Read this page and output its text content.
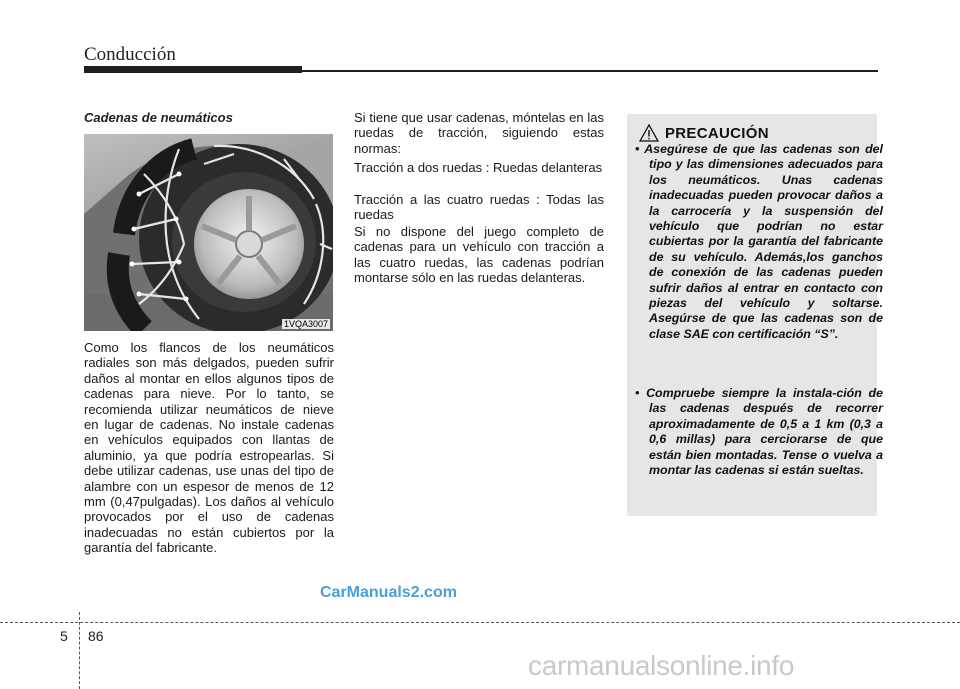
Conducción
Cadenas de neumáticos
1VQA3007

Como los flancos de los neumáticos radiales son más delgados, pueden sufrir daños al montar en ellos algunos tipos de cadenas para nieve. Por lo tanto, se recomienda utilizar neumáticos de nieve en lugar de cadenas. No instale cadenas en vehículos equipados con llantas de aluminio, ya que podría estropearlas. Si debe utilizar cadenas, use unas del tipo de alambre con un espesor de menos de 12 mm (0,47pulgadas). Los daños al vehículo provocados por el uso de cadenas inadecuadas no están cubiertos por la garantía del fabricante.

Si tiene que usar cadenas, móntelas en las ruedas de tracción, siguiendo estas normas:

Tracción a dos ruedas : Ruedas delanteras

Tracción a las cuatro ruedas : Todas las ruedas

Si no dispone del juego completo de cadenas para un vehículo con tracción a las cuatro ruedas, las cadenas podrían montarse sólo en las ruedas delanteras.

PRECAUCIÓN
• Asegúrese de que las cadenas son del tipo y las dimensiones adecuados para los neumáticos. Unas cadenas inadecuadas pueden provocar daños a la carrocería y la suspensión del vehículo que podrían no estar cubiertas por la garantía del fabricante de su vehículo. Además,los ganchos de conexión de las cadenas pueden sufrir daños al entrar en contacto con piezas del vehículo y soltarse. Asegúrse de que las cadenas son de clase SAE con certificación “S”.
• Compruebe siempre la instala-ción de las cadenas después de recorrer aproximadamente de 0,5 a 1 km (0,3 a 0,6 millas) para cerciorarse de que están bien montadas. Tense o vuelva a montar las cadenas si están sueltas.
CarManuals2.com
5 86
carmanualsonline.info
